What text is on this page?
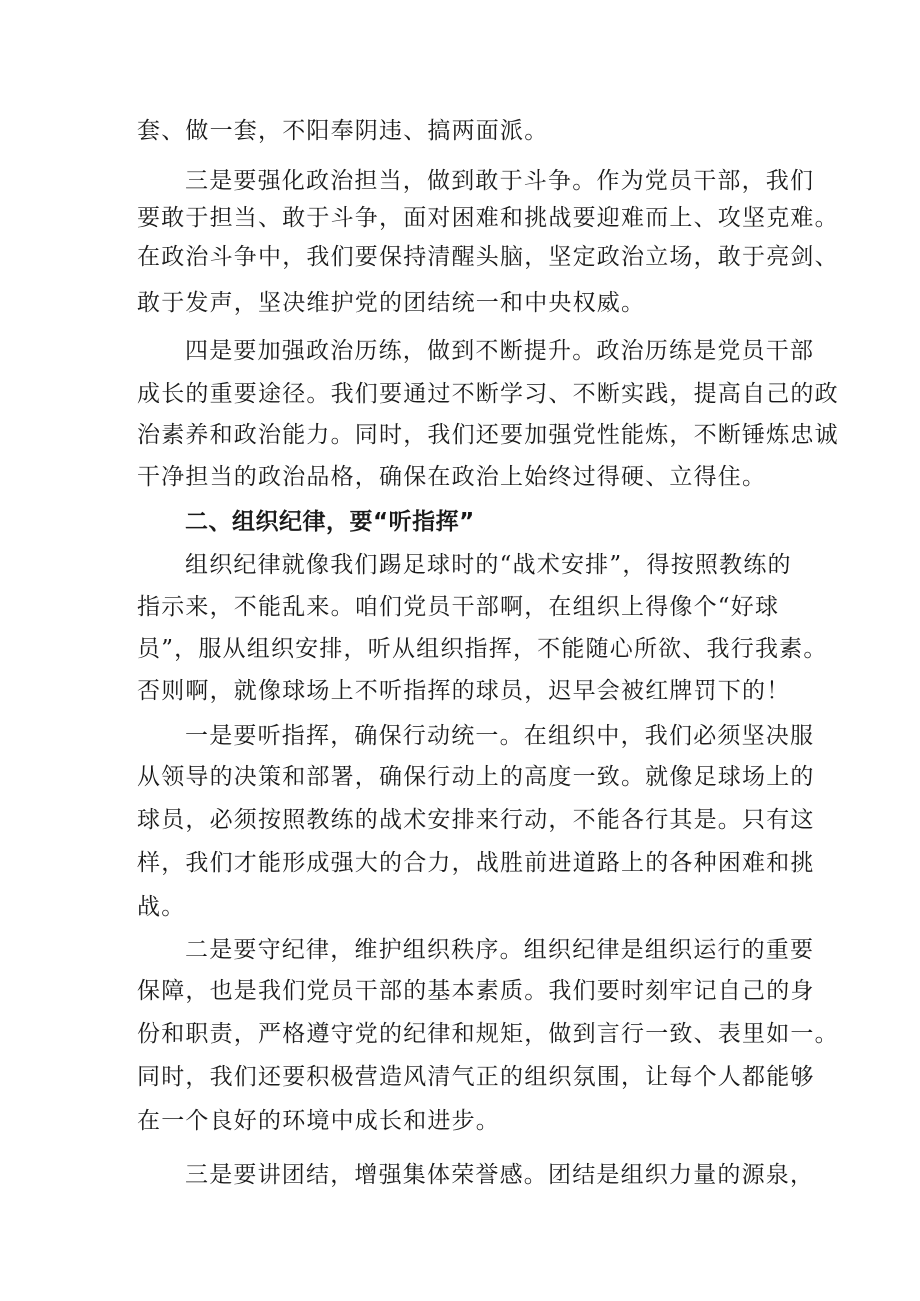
套、做一套，不阳奉阴违、搞两面派。
三是要强化政治担当，做到敢于斗争。作为党员干部，我们
要敢于担当、敢于斗争，面对困难和挑战要迎难而上、攻坚克难。
在政治斗争中，我们要保持清醒头脑，坚定政治立场，敢于亮剑、
敢于发声，坚决维护党的团结统一和中央权威。
四是要加强政治历练，做到不断提升。政治历练是党员干部
成长的重要途径。我们要通过不断学习、不断实践，提高自己的政
治素养和政治能力。同时，我们还要加强党性能炼，不断锤炼忠诚
干净担当的政治品格，确保在政治上始终过得硬、立得住。
二、组织纪律，要“听指挥”
组织纪律就像我们踢足球时的“战术安排”，得按照教练的
指示来，不能乱来。咱们党员干部啊，在组织上得像个“好球
员”，服从组织安排，听从组织指挥，不能随心所欲、我行我素。
否则啊，就像球场上不听指挥的球员，迟早会被红牌罚下的！
一是要听指挥，确保行动统一。在组织中，我们必须坚决服
从领导的决策和部署，确保行动上的高度一致。就像足球场上的
球员，必须按照教练的战术安排来行动，不能各行其是。只有这
样，我们才能形成强大的合力，战胜前进道路上的各种困难和挑
战。
二是要守纪律，维护组织秩序。组织纪律是组织运行的重要
保障，也是我们党员干部的基本素质。我们要时刻牢记自己的身
份和职责，严格遵守党的纪律和规矩，做到言行一致、表里如一。
同时，我们还要积极营造风清气正的组织氛围，让每个人都能够
在一个良好的环境中成长和进步。
三是要讲团结，增强集体荣誉感。团结是组织力量的源泉，
